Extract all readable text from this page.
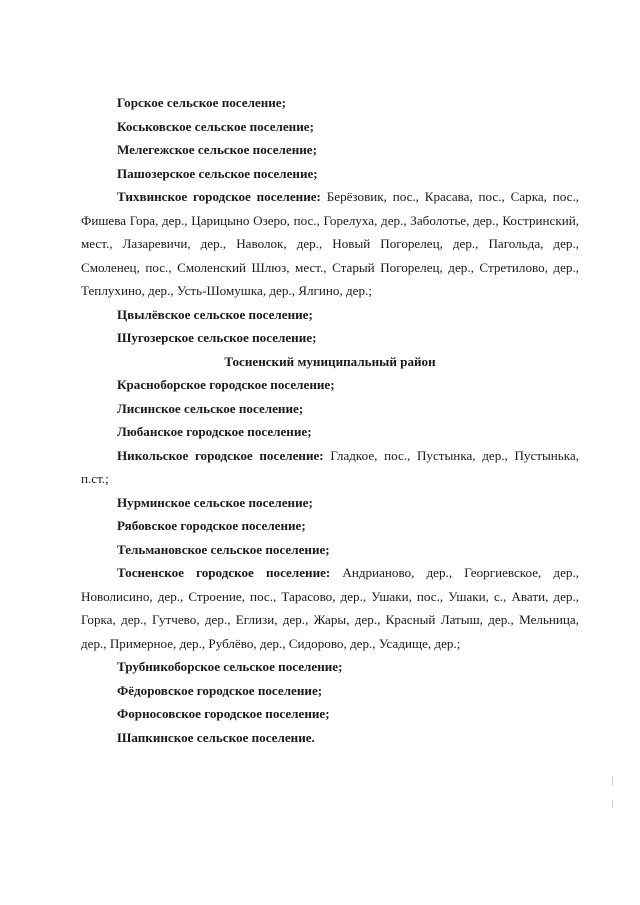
Горское сельское поселение;

Коськовское сельское поселение;

Мелегежское сельское поселение;

Пашозерское сельское поселение;

Тихвинское городское поселение: Берёзовик, пос., Красава, пос., Сарка, пос., Фишева Гора, дер., Царицыно Озеро, пос., Горелуха, дер., Заболотье, дер., Костринский, мест., Лазаревичи, дер., Наволок, дер., Новый Погорелец, дер., Пагольда, дер., Смоленец, пос., Смоленский Шлюз, мест., Старый Погорелец, дер., Стретилово, дер., Теплухино, дер., Усть-Шомушка, дер., Ялгино, дер.;

Цвылёвское сельское поселение;

Шугозерское сельское поселение;

Тосненский муниципальный район

Красноборское городское поселение;

Лисинское сельское поселение;

Любанское городское поселение;

Никольское городское поселение: Гладкое, пос., Пустынка, дер., Пустынька, п.ст.;

Нурминское сельское поселение;

Рябовское городское поселение;

Тельмановское сельское поселение;

Тосненское городское поселение: Андрианово, дер., Георгиевское, дер., Новолисино, дер., Строение, пос., Тарасово, дер., Ушаки, пос., Ушаки, с., Авати, дер., Горка, дер., Гутчево, дер., Еглизи, дер., Жары, дер., Красный Латыш, дер., Мельница, дер., Примерное, дер., Рублёво, дер., Сидорово, дер., Усадище, дер.;

Трубникоборское сельское поселение;

Фёдоровское городское поселение;

Форносовское городское поселение;

Шапкинское сельское поселение.
